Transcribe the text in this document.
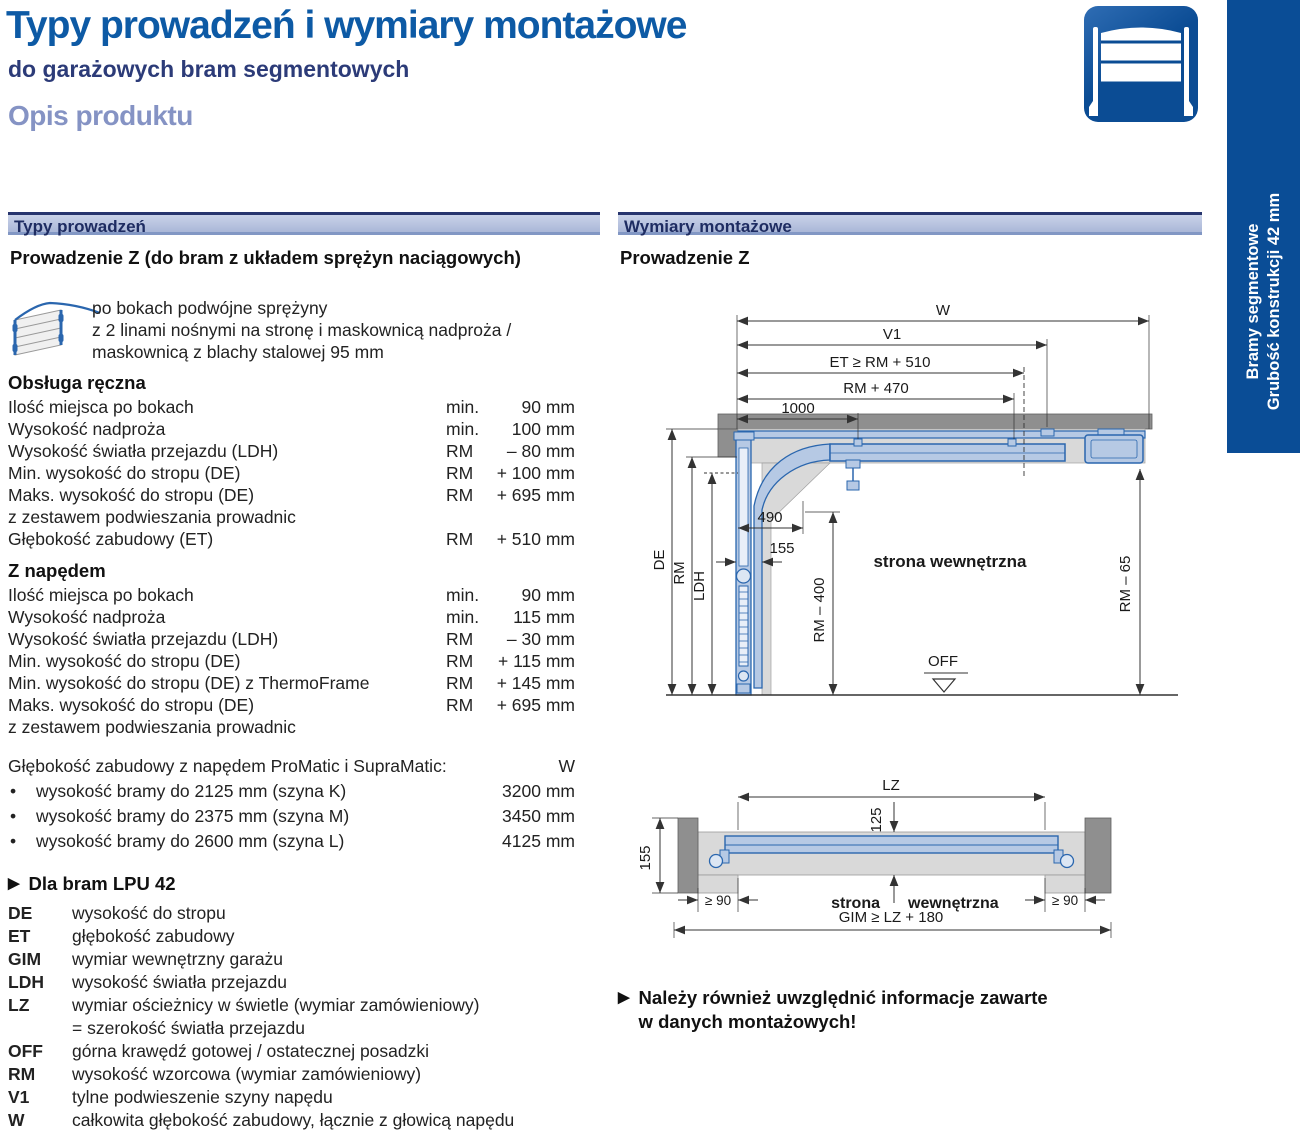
Typy prowadzeń i wymiary montażowe
do garażowych bram segmentowych
Opis produktu
Bramy segmentowe Grubość konstrukcji 42 mm
Typy prowadzeń
Prowadzenie Z (do bram z układem sprężyn naciągowych)
po bokach podwójne sprężyny
z 2 linami nośnymi na stronę i maskownicą nadproża /
maskownicą z blachy stalowej 95 mm
Obsługa ręczna
Ilość miejsca po bokach	min. 90 mm
Wysokość nadproża	min. 100 mm
Wysokość światła przejazdu (LDH)	RM – 80 mm
Min. wysokość do stropu (DE)	RM + 100 mm
Maks. wysokość do stropu (DE)	RM + 695 mm
z zestawem podwieszania prowadnic
Głębokość zabudowy (ET)	RM + 510 mm
Z napędem
Ilość miejsca po bokach	min. 90 mm
Wysokość nadproża	min. 115 mm
Wysokość światła przejazdu (LDH)	RM – 30 mm
Min. wysokość do stropu (DE)	RM + 115 mm
Min. wysokość do stropu (DE) z ThermoFrame	RM + 145 mm
Maks. wysokość do stropu (DE)	RM + 695 mm
z zestawem podwieszania prowadnic
Głębokość zabudowy z napędem ProMatic i SupraMatic:	W
• wysokość bramy do 2125 mm (szyna K)	3200 mm
• wysokość bramy do 2375 mm (szyna M)	3450 mm
• wysokość bramy do 2600 mm (szyna L)	4125 mm
▶ Dla bram LPU 42
DE	wysokość do stropu
ET	głębokość zabudowy
GIM	wymiar wewnętrzny garażu
LDH	wysokość światła przejazdu
LZ	wymiar ościeżnicy w świetle (wymiar zamówieniowy)
= szerokość światła przejazdu
OFF	górna krawędź gotowej / ostatecznej posadzki
RM	wysokość wzorcowa (wymiar zamówieniowy)
V1	tylne podwieszenie szyny napędu
W	całkowita głębokość zabudowy, łącznie z głowicą napędu
Wymiary montażowe
Prowadzenie Z
W
V1
ET ≥ RM + 510
RM + 470
1000
490
155
DE
RM LDH	RM – 400	RM – 65
OFF
strona wewnętrzna
LZ
125
155
≥ 90	≥ 90
GIM ≥ LZ + 180
strona wewnętrzna
▶ Należy również uwzględnić informacje zawarte
w danych montażowych!
